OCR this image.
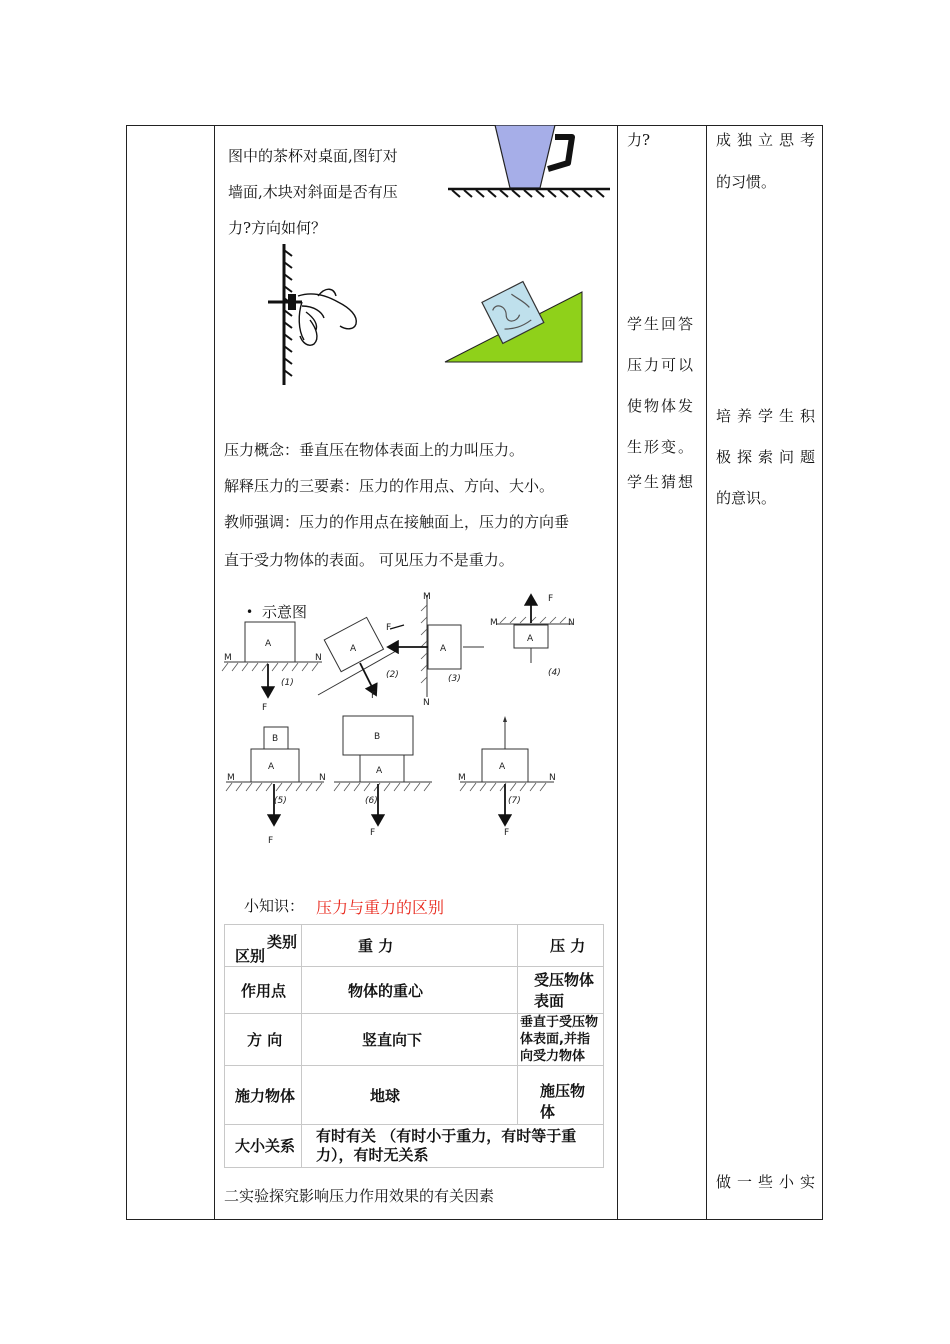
图中的茶杯对桌面,图钉对
墙面,木块对斜面是否有压
力?方向如何？
压力概念：垂直压在物体表面上的力叫压力。
解释压力的三要素：压力的作用点、方向、大小。
教师强调：压力的作用点在接触面上，压力的方向垂
直于受力物体的表面。 可见压力不是重力。
• 示意图
A
M	N
F
(1)
A
F
F
(2)
A
M
N
(3)
A
F
M	N
(4)
B
A
M	N
F
(5)
B
A
F
(6)
A
M	N
F
(7)
小知识： 压力与重力的区别
类别
区别	重 力	压 力
作用点	物体的重心	受压物体表面
方 向	竖直向下	垂直于受压物体表面,并指向受力物体
施力物体	地球	施压物体
大小关系	有时有关 （有时小于重力，有时等于重力），有时无关系	
二实验探究影响压力作用效果的有关因素
力?
学生回答
压力可以
使物体发
生形变。
学生猜想
成独立思考
的习惯。
培养学生积
极探索问题
的意识。
做一些小实
